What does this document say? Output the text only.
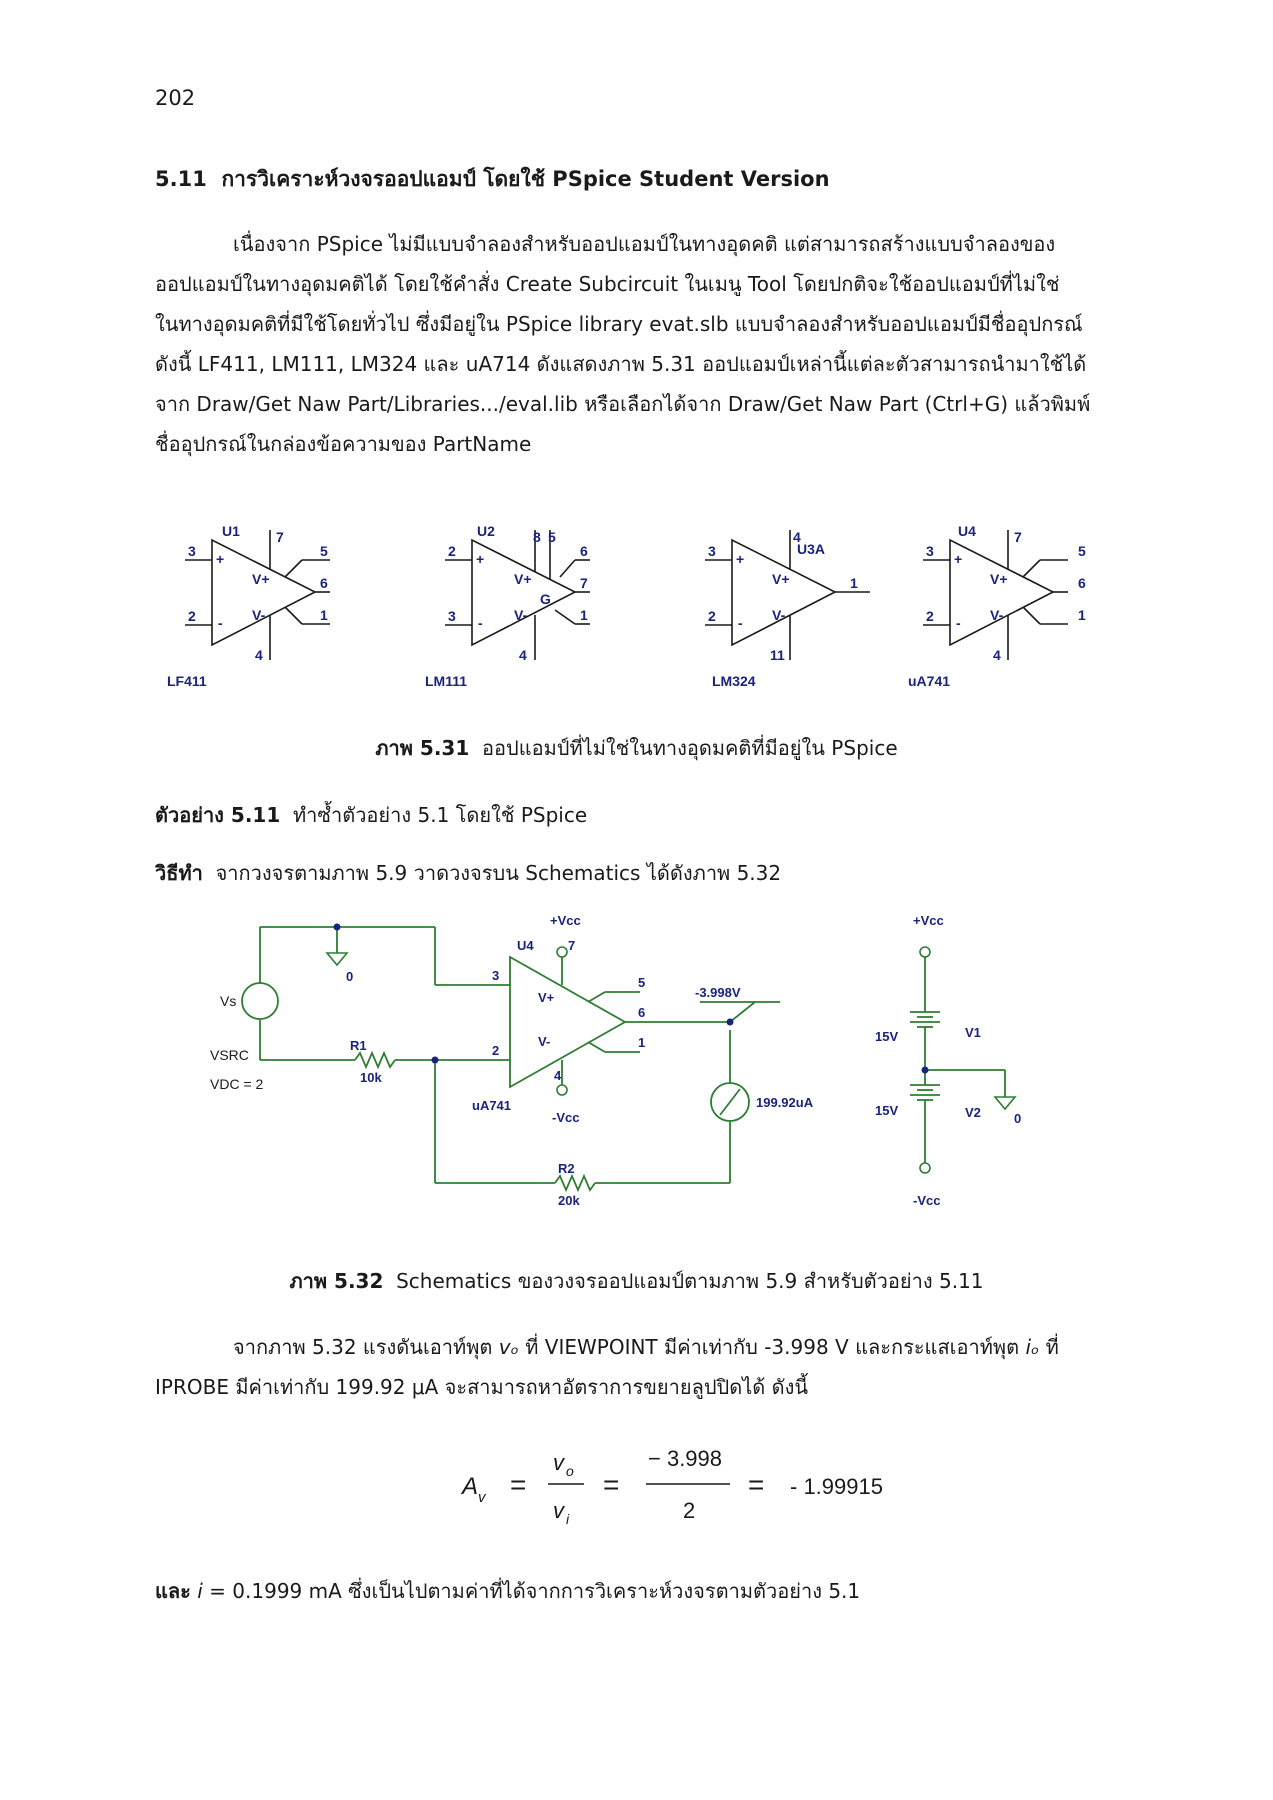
202
5.11 การวิเคราะห์วงจรออปแอมป์ โดยใช้ PSpice Student Version

เนื่องจาก PSpice ไม่มีแบบจำลองสำหรับออปแอมป์ในทางอุดคติ แต่สามารถสร้างแบบจำลองของ

ออปแอมป์ในทางอุดมคติได้ โดยใช้คำสั่ง Create Subcircuit ในเมนู Tool โดยปกติจะใช้ออปแอมป์ที่ไม่ใช่

ในทางอุดมคติที่มีใช้โดยทั่วไป ซึ่งมีอยู่ใน PSpice library evat.slb แบบจำลองสำหรับออปแอมป์มีชื่ออุปกรณ์

ดังนี้ LF411, LM111, LM324 และ uA714 ดังแสดงภาพ 5.31 ออปแอมป์เหล่านี้แต่ละตัวสามารถนำมาใช้ได้

จาก Draw/Get Naw Part/Libraries.../eval.lib หรือเลือกได้จาก Draw/Get Naw Part (Ctrl+G) แล้วพิมพ์

ชื่ออุปกรณ์ในกล่องข้อความของ PartName

U1
3
2
7
4
5
6
1
+
-
V+
V-
LF411
U2
2
3
8 5
4
6
7
1
+
-
V+
V-
G
LM111
U3A
3
2
4
11
1
+
-
V+
V-
LM324
U4
3
2
7
4
5
6
1
+
-
V+
V-
uA741
ภาพ 5.31 ออปแอมป์ที่ไม่ใช่ในทางอุดมคติที่มีอยู่ใน PSpice
ตัวอย่าง 5.11 ทำซ้ำตัวอย่าง 5.1 โดยใช้ PSpice
วิธีทำ จากวงจรตามภาพ 5.9 วาดวงจรบน Schematics ได้ดังภาพ 5.32
+Vcc
-Vcc
U4
uA741
3
2
7
4
5
6
1
V+
V-
R1
10k
R2
20k
-3.998V
199.92uA
+Vcc
-Vcc
15V	V1
15V	V2
0
0
Vs
VSRC
VDC = 2
ภาพ 5.32 Schematics ของวงจรออปแอมป์ตามภาพ 5.9 สำหรับตัวอย่าง 5.11

จากภาพ 5.32 แรงดันเอาท์พุต vₒ ที่ VIEWPOINT มีค่าเท่ากับ -3.998 V และกระแสเอาท์พุต iₒ ที่

IPROBE มีค่าเท่ากับ 199.92 μA จะสามารถหาอัตราการขยายลูปปิดได้ ดังนี้

A v =
v o
v i
=
− 3.998
2
= - 1.99915
และ i = 0.1999 mA ซึ่งเป็นไปตามค่าที่ได้จากการวิเคราะห์วงจรตามตัวอย่าง 5.1
